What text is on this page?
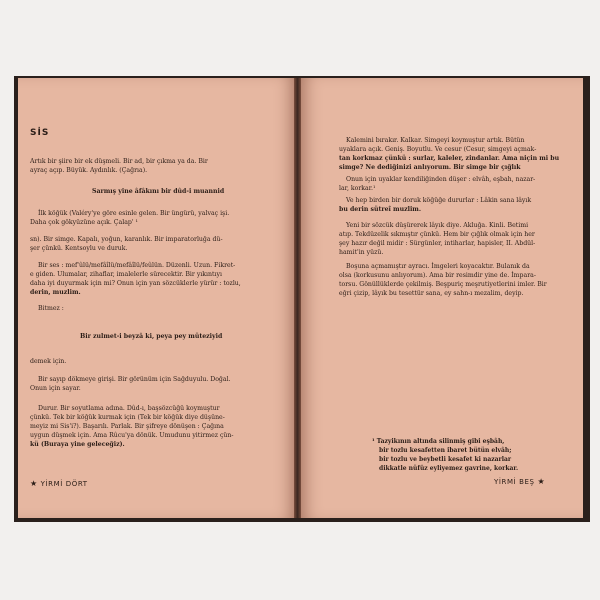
SİS
Artık bir şiire bir ek düşmeli. Bir ad, bir çıkma ya da. Bir
ayraç açıp. Büyük. Aydınlık. (Çağrıa).
Sarmış yine âfâkını bir dûd-i muannid
İlk köğük (Valéry'ye göre esinle gelen. Bir üngürü, yalvaç işi.
Daha çok gökyüzüne açık. Çalap' ¹
sn). Bir simge. Kapalı, yoğun, karanlık. Bir imparatorluğa dü-
şer çünkü. Kentsoylu ve duruk.
Bir ses : mef'ûlü/mefâîlü/mefâîlü/feûlün. Düzenli. Uzun. Fikret-
e giden. Ulumalar, zihaflar, imalelerle sürecektir. Bir yıkıntıyı
daha iyi duyurmak için mi? Onun için yan sözcüklerle yürür : tozlu,
derin, muzlim.
Bitmez :
Bir zulmet-i beyzâ ki, peya pey müteziyid
demek için.
Bir sayıp dökmeye girişi. Bir görünüm için Sağduyulu. Doğal.
Onun için sayar.
Durur. Bir soyutlama adına. Dûd-ı, başsözcüğü koymuştur
çünkü. Tek bir köğük kurmak için (Tek bir köğük diye düşüne-
meyiz mi Sis'i?). Başarılı. Parlak. Bir şifreye dönüşen : Çağına
uygun düşmek için. Ama Rûcu'ya dönük. Umudunu yitirmez çün-
kü (Buraya yine geleceğiz).
★ YİRMİ DÖRT
Kalemini bırakır. Kalkar. Simgeyi koymuştur artık. Bütün
uyaklara açık. Geniş. Boyutlu. Ve cesur (Cesur, simgeyi açmak-
tan korkmaz çünkü : surlar, kaleler, zindanlar. Ama niçin mi bu
simge? Ne dediğinizi anlıyorum. Bir simge bir çığlık
Onun için uyaklar kendiliğinden düşer : elvâh, eşbah, nazar-
lar, korkar.¹
Ve hep birden bir doruk köğüğe dururlar : Lâkin sana lâyık
bu derin sütreî muzlim.
Yeni bir sözcük düşürerek lâyık diye. Akluğa. Kinli. Betimi
atıp. Tekdüzelik sıkmıştır çünkü. Hem bir çığlık olmak için her
şey hazır değil midir : Sürgünler, intiharlar, hapisler, II. Abdül-
hamit'in yüzü.
Boşuna açmamıştır ayracı. İmgeleri koyacaktır. Bulanık da
olsa (korkusunu anlıyorum). Ama bir resimdir yine de. İmpara-
torsu. Gönüllüklerde çekilmiş. Beşpuriç meşrutiyetlerini imler. Bir
eğri çizip, lâyık bu tesettür sana, ey sahn-ı mezalim, deyip.
¹ Tazyikının altında silinmiş gibi eşbâh,
bir tozlu kesafetten ibaret bütün elvâh;
bir tozlu ve beybetli kesafet ki nazarlar
dikkatle nüfûz eyliyemez gavrine, korkar.
YİRMİ BEŞ ★
